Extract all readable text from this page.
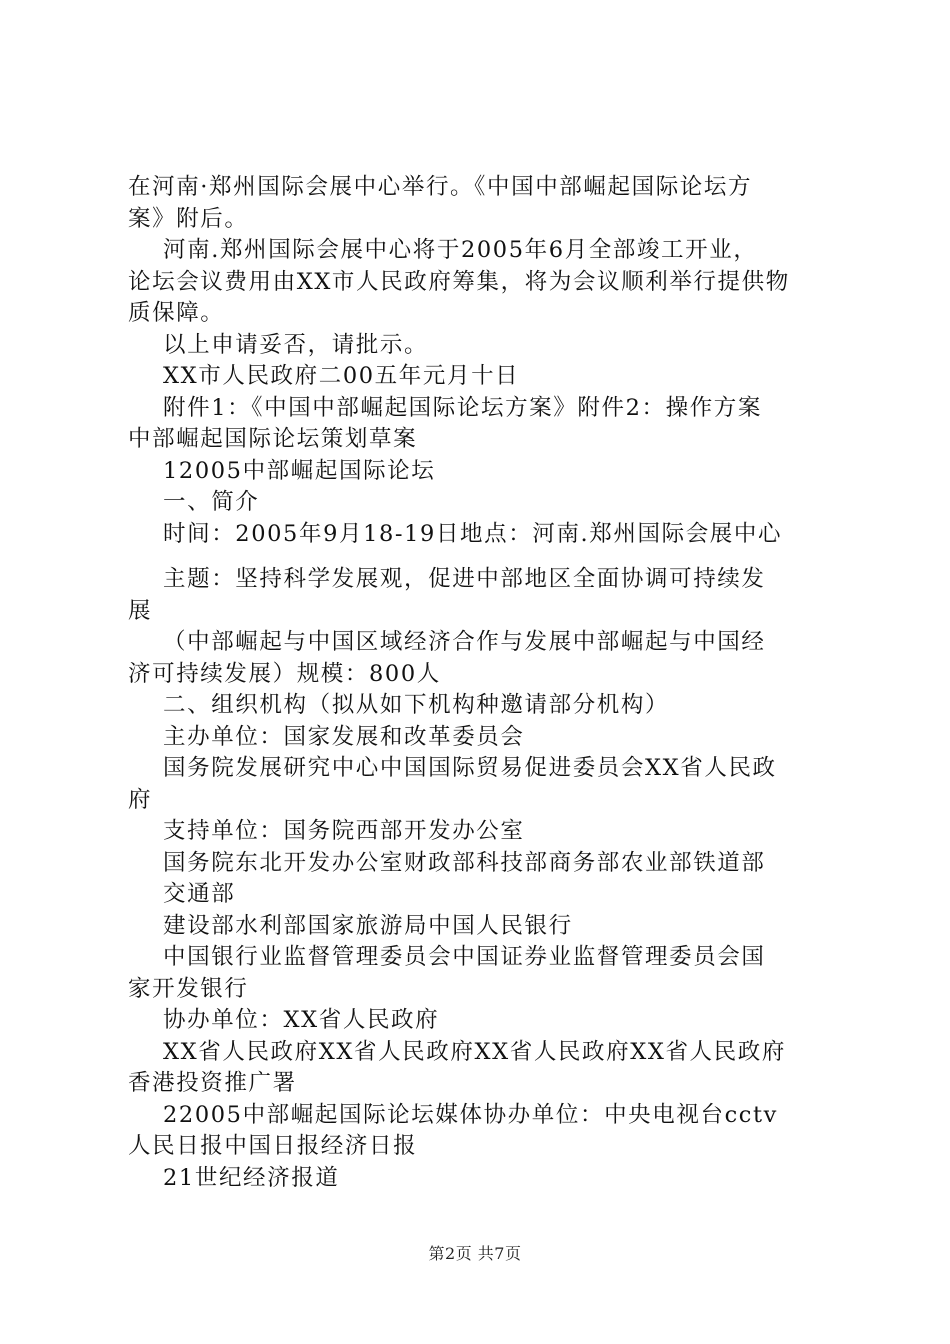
在河南·郑州国际会展中心举行。《中国中部崛起国际论坛方
案》附后。
河南.郑州国际会展中心将于2005年6月全部竣工开业，
论坛会议费用由XX市人民政府筹集，将为会议顺利举行提供物
质保障。
以上申请妥否，请批示。
XX市人民政府二00五年元月十日
附件1：《中国中部崛起国际论坛方案》附件2：操作方案
中部崛起国际论坛策划草案
12005中部崛起国际论坛
一、简介
时间：2005年9月18-19日地点：河南.郑州国际会展中心
主题：坚持科学发展观，促进中部地区全面协调可持续发
展
（中部崛起与中国区域经济合作与发展中部崛起与中国经
济可持续发展）规模：800人
二、组织机构（拟从如下机构种邀请部分机构）
主办单位：国家发展和改革委员会
国务院发展研究中心中国国际贸易促进委员会XX省人民政
府
支持单位：国务院西部开发办公室
国务院东北开发办公室财政部科技部商务部农业部铁道部
交通部
建设部水利部国家旅游局中国人民银行
中国银行业监督管理委员会中国证券业监督管理委员会国
家开发银行
协办单位：XX省人民政府
XX省人民政府XX省人民政府XX省人民政府XX省人民政府
香港投资推广署
22005中部崛起国际论坛媒体协办单位：中央电视台cctv
人民日报中国日报经济日报
21世纪经济报道
第2页 共7页
